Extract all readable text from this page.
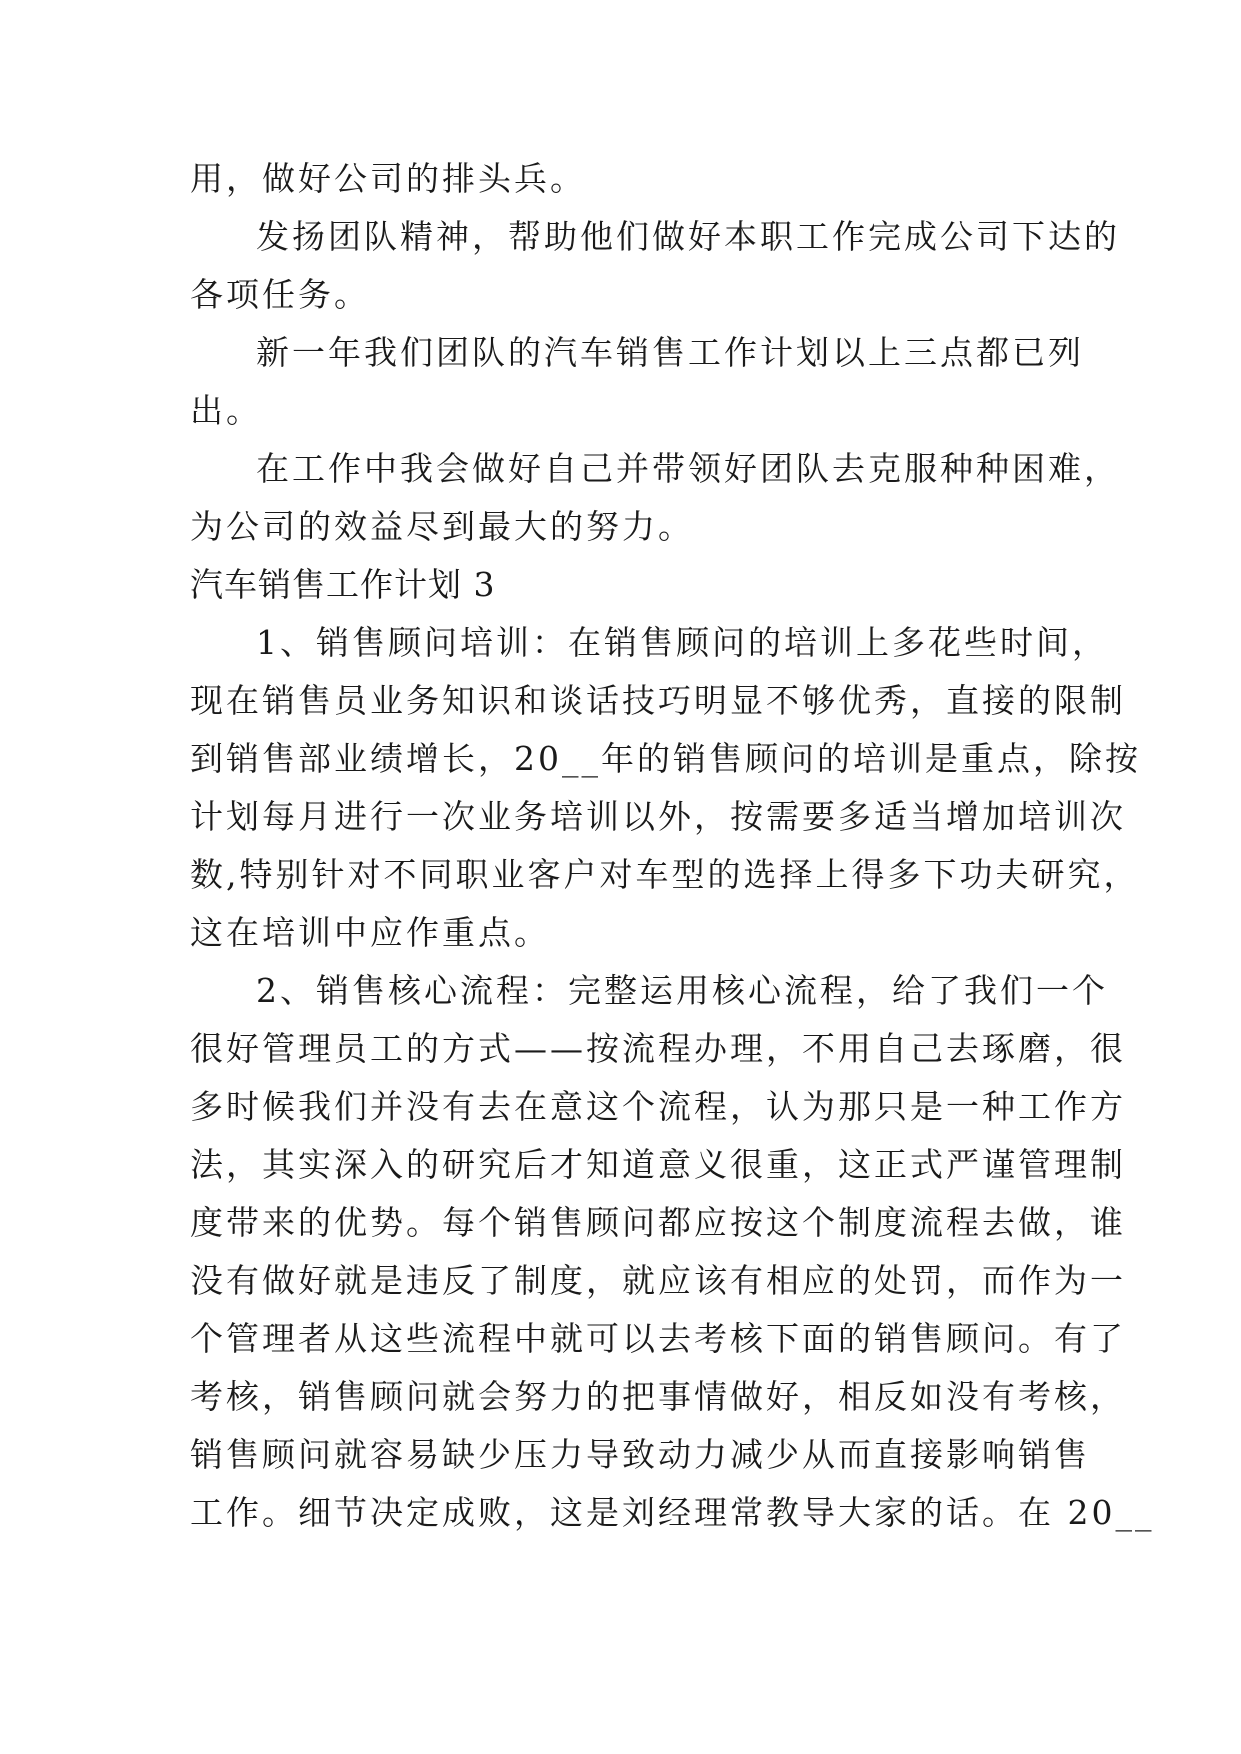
用，做好公司的排头兵。
发扬团队精神，帮助他们做好本职工作完成公司下达的
各项任务。
新一年我们团队的汽车销售工作计划以上三点都已列
出。
在工作中我会做好自己并带领好团队去克服种种困难，
为公司的效益尽到最大的努力。
汽车销售工作计划 3
1、销售顾问培训：在销售顾问的培训上多花些时间，
现在销售员业务知识和谈话技巧明显不够优秀，直接的限制
到销售部业绩增长，20__年的销售顾问的培训是重点，除按
计划每月进行一次业务培训以外，按需要多适当增加培训次
数,特别针对不同职业客户对车型的选择上得多下功夫研究，
这在培训中应作重点。
2、销售核心流程：完整运用核心流程，给了我们一个
很好管理员工的方式——按流程办理，不用自己去琢磨，很
多时候我们并没有去在意这个流程，认为那只是一种工作方
法，其实深入的研究后才知道意义很重，这正式严谨管理制
度带来的优势。每个销售顾问都应按这个制度流程去做，谁
没有做好就是违反了制度，就应该有相应的处罚，而作为一
个管理者从这些流程中就可以去考核下面的销售顾问。有了
考核，销售顾问就会努力的把事情做好，相反如没有考核，
销售顾问就容易缺少压力导致动力减少从而直接影响销售
工作。细节决定成败，这是刘经理常教导大家的话。在 20__
